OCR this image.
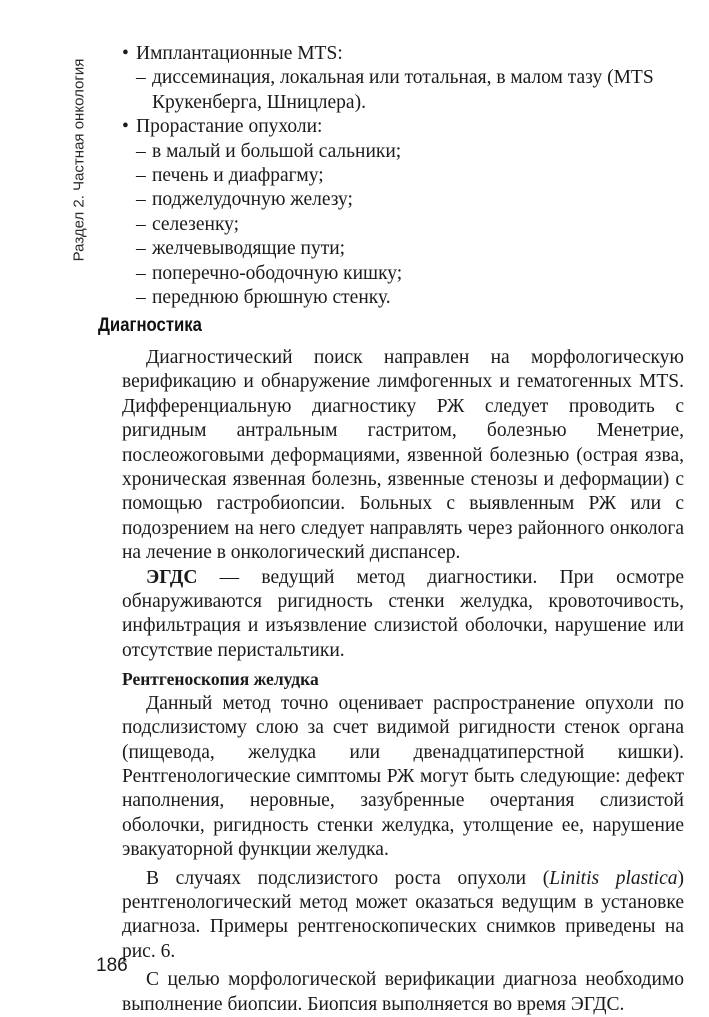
Раздел 2. Частная онкология
• Имплантационные MTS:
– диссеминация, локальная или тотальная, в малом тазу (MTS Крукенберга, Шницлера).
• Прорастание опухоли:
– в малый и большой сальники;
– печень и диафрагму;
– поджелудочную железу;
– селезенку;
– желчевыводящие пути;
– поперечно-ободочную кишку;
– переднюю брюшную стенку.
Диагностика

Диагностический поиск направлен на морфологическую верификацию и обнаружение лимфогенных и гематогенных MTS. Дифференциальную диагностику РЖ следует проводить с ригидным антральным гастритом, болезнью Менетрие, послеожоговыми деформациями, язвенной болезнью (острая язва, хроническая язвенная болезнь, язвенные стенозы и деформации) с помощью гастробиопсии. Больных с выявленным РЖ или с подозрением на него следует направлять через районного онколога на лечение в онкологический диспансер.

ЭГДС — ведущий метод диагностики. При осмотре обнаруживаются ригидность стенки желудка, кровоточивость, инфильтрация и изъязвление слизистой оболочки, нарушение или отсутствие перистальтики.

Рентгеноскопия желудка

Данный метод точно оценивает распространение опухоли по подслизистому слою за счет видимой ригидности стенок органа (пищевода, желудка или двенадцатиперстной кишки). Рентгенологические симптомы РЖ могут быть следующие: дефект наполнения, неровные, зазубренные очертания слизистой оболочки, ригидность стенки желудка, утолщение ее, нарушение эвакуаторной функции желудка.

В случаях подслизистого роста опухоли (Linitis plastica) рентгенологический метод может оказаться ведущим в установке диагноза. Примеры рентгеноскопических снимков приведены на рис. 6.

С целью морфологической верификации диагноза необходимо выполнение биопсии. Биопсия выполняется во время ЭГДС.

186
